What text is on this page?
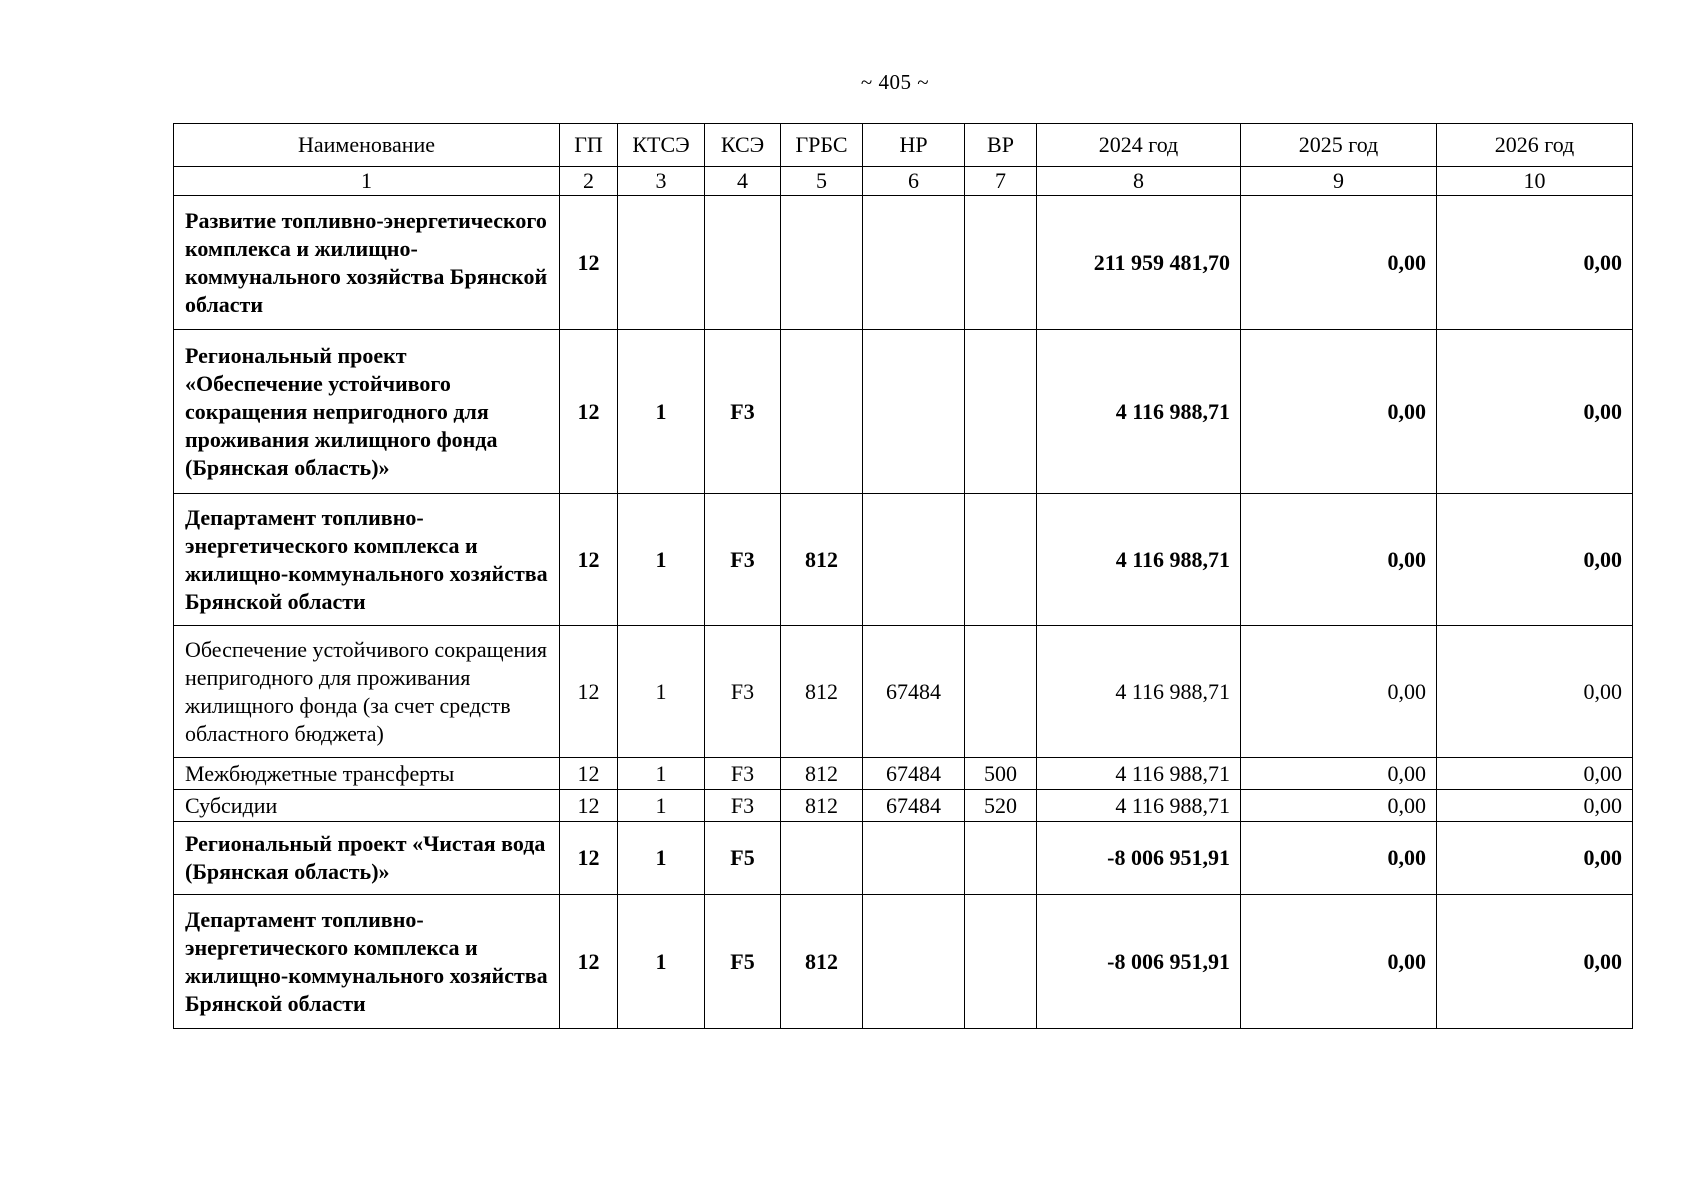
~ 405 ~
Наименование	ГП	КТСЭ	КСЭ	ГРБС	НР	ВР	2024 год	2025 год	2026 год
1	2	3	4	5	6	7	8	9	10
Развитие топливно-энергетического комплекса и жилищно-коммунального хозяйства Брянской области	12						211 959 481,70	0,00	0,00
Региональный проект «Обеспечение устойчивого сокращения непригодного для проживания жилищного фонда (Брянская область)»	12	1	F3				4 116 988,71	0,00	0,00
Департамент топливно-энергетического комплекса и жилищно-коммунального хозяйства Брянской области	12	1	F3	812			4 116 988,71	0,00	0,00
Обеспечение устойчивого сокращения непригодного для проживания жилищного фонда (за счет средств областного бюджета)	12	1	F3	812	67484		4 116 988,71	0,00	0,00
Межбюджетные трансферты	12	1	F3	812	67484	500	4 116 988,71	0,00	0,00
Субсидии	12	1	F3	812	67484	520	4 116 988,71	0,00	0,00
Региональный проект «Чистая вода (Брянская область)»	12	1	F5				-8 006 951,91	0,00	0,00
Департамент топливно-энергетического комплекса и жилищно-коммунального хозяйства Брянской области	12	1	F5	812			-8 006 951,91	0,00	0,00
